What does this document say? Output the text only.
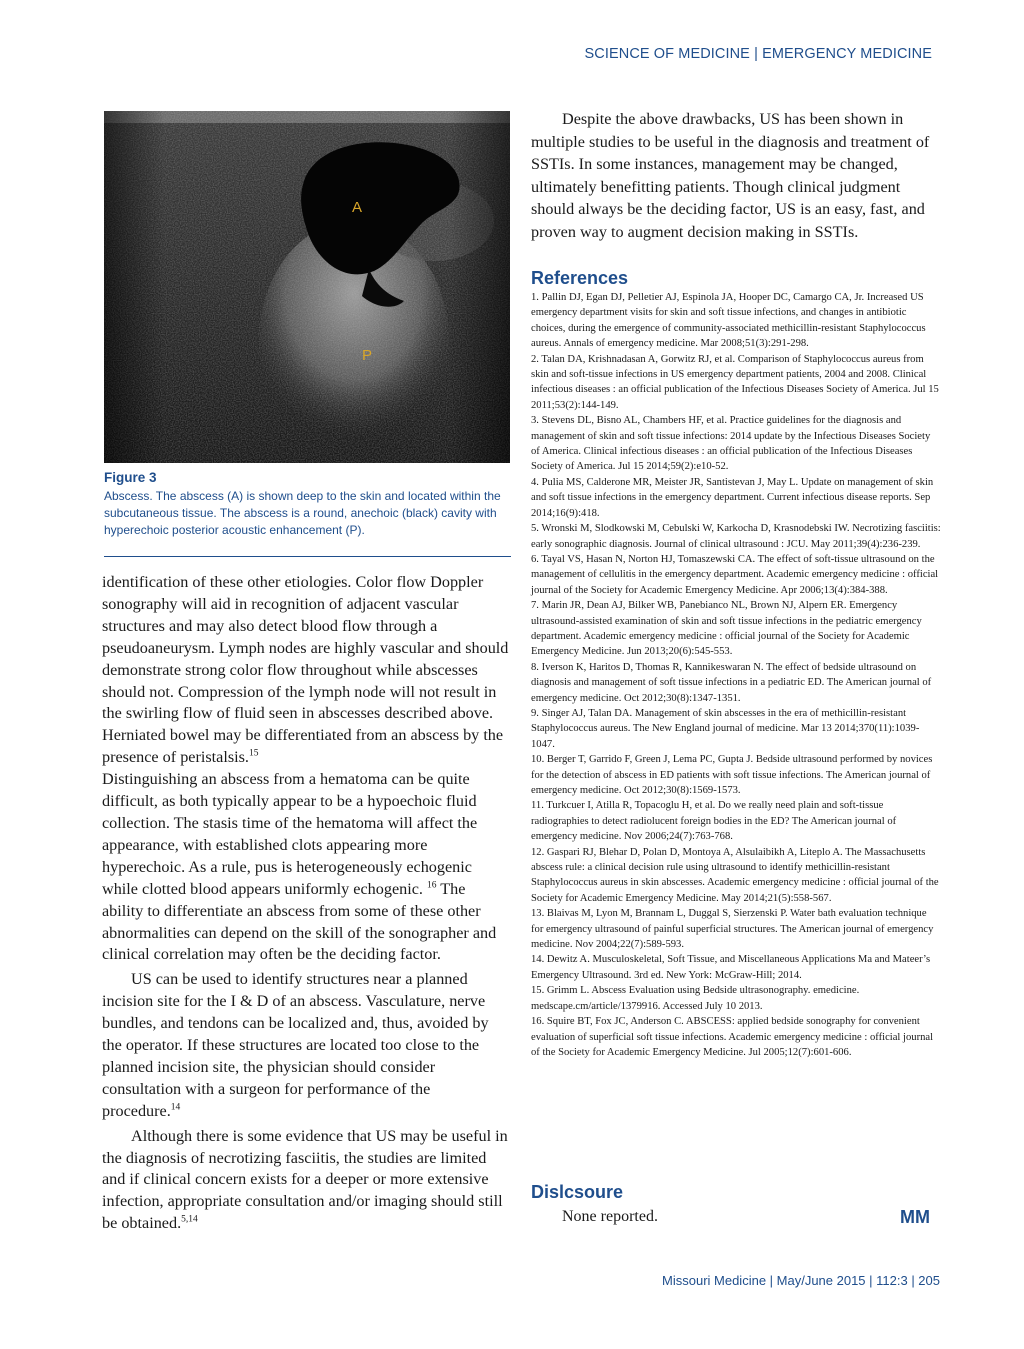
SCIENCE OF MEDICINE | EMERGENCY MEDICINE
A
P
Figure 3
Abscess. The abscess (A) is shown deep to the skin and located within the subcutaneous tissue. The abscess is a round, anechoic (black) cavity with hyperechoic posterior acoustic enhancement (P).

identification of these other etiologies. Color flow Doppler sonography will aid in recognition of adjacent vascular structures and may also detect blood flow through a pseudoaneurysm. Lymph nodes are highly vascular and should demonstrate strong color flow throughout while abscesses should not. Compression of the lymph node will not result in the swirling flow of fluid seen in abscesses described above. Herniated bowel may be differentiated from an abscess by the presence of peristalsis.$^{15}$

Distinguishing an abscess from a hematoma can be quite difficult, as both typically appear to be a hypoechoic fluid collection. The stasis time of the hematoma will affect the appearance, with established clots appearing more hyperechoic. As a rule, pus is heterogeneously echogenic while clotted blood appears uniformly echogenic. $^{16}$ The ability to differentiate an abscess from some of these other abnormalities can depend on the skill of the sonographer and clinical correlation may often be the deciding factor.

US can be used to identify structures near a planned incision site for the I & D of an abscess. Vasculature, nerve bundles, and tendons can be localized and, thus, avoided by the operator. If these structures are located too close to the planned incision site, the physician should consider consultation with a surgeon for performance of the procedure.$^{14}$

Although there is some evidence that US may be useful in the diagnosis of necrotizing fasciitis, the studies are limited and if clinical concern exists for a deeper or more extensive infection, appropriate consultation and/or imaging should still be obtained.$^{5,14}$

Despite the above drawbacks, US has been shown in multiple studies to be useful in the diagnosis and treatment of SSTIs. In some instances, management may be changed, ultimately benefitting patients. Though clinical judgment should always be the deciding factor, US is an easy, fast, and proven way to augment decision making in SSTIs.

References
1. Pallin DJ, Egan DJ, Pelletier AJ, Espinola JA, Hooper DC, Camargo CA, Jr. Increased US emergency department visits for skin and soft tissue infections, and changes in antibiotic choices, during the emergence of community-associated methicillin-resistant Staphylococcus aureus. Annals of emergency medicine. Mar 2008;51(3):291-298.
2. Talan DA, Krishnadasan A, Gorwitz RJ, et al. Comparison of Staphylococcus aureus from skin and soft-tissue infections in US emergency department patients, 2004 and 2008. Clinical infectious diseases : an official publication of the Infectious Diseases Society of America. Jul 15 2011;53(2):144-149.
3. Stevens DL, Bisno AL, Chambers HF, et al. Practice guidelines for the diagnosis and management of skin and soft tissue infections: 2014 update by the Infectious Diseases Society of America. Clinical infectious diseases : an official publication of the Infectious Diseases Society of America. Jul 15 2014;59(2):e10-52.
4. Pulia MS, Calderone MR, Meister JR, Santistevan J, May L. Update on management of skin and soft tissue infections in the emergency department. Current infectious disease reports. Sep 2014;16(9):418.
5. Wronski M, Slodkowski M, Cebulski W, Karkocha D, Krasnodebski IW. Necrotizing fasciitis: early sonographic diagnosis. Journal of clinical ultrasound : JCU. May 2011;39(4):236-239.
6. Tayal VS, Hasan N, Norton HJ, Tomaszewski CA. The effect of soft-tissue ultrasound on the management of cellulitis in the emergency department. Academic emergency medicine : official journal of the Society for Academic Emergency Medicine. Apr 2006;13(4):384-388.
7. Marin JR, Dean AJ, Bilker WB, Panebianco NL, Brown NJ, Alpern ER. Emergency ultrasound-assisted examination of skin and soft tissue infections in the pediatric emergency department. Academic emergency medicine : official journal of the Society for Academic Emergency Medicine. Jun 2013;20(6):545-553.
8. Iverson K, Haritos D, Thomas R, Kannikeswaran N. The effect of bedside ultrasound on diagnosis and management of soft tissue infections in a pediatric ED. The American journal of emergency medicine. Oct 2012;30(8):1347-1351.
9. Singer AJ, Talan DA. Management of skin abscesses in the era of methicillin-resistant Staphylococcus aureus. The New England journal of medicine. Mar 13 2014;370(11):1039-1047.
10. Berger T, Garrido F, Green J, Lema PC, Gupta J. Bedside ultrasound performed by novices for the detection of abscess in ED patients with soft tissue infections. The American journal of emergency medicine. Oct 2012;30(8):1569-1573.
11. Turkcuer I, Atilla R, Topacoglu H, et al. Do we really need plain and soft-tissue radiographies to detect radiolucent foreign bodies in the ED? The American journal of emergency medicine. Nov 2006;24(7):763-768.
12. Gaspari RJ, Blehar D, Polan D, Montoya A, Alsulaibikh A, Liteplo A. The Massachusetts abscess rule: a clinical decision rule using ultrasound to identify methicillin-resistant Staphylococcus aureus in skin abscesses. Academic emergency medicine : official journal of the Society for Academic Emergency Medicine. May 2014;21(5):558-567.
13. Blaivas M, Lyon M, Brannam L, Duggal S, Sierzenski P. Water bath evaluation technique for emergency ultrasound of painful superficial structures. The American journal of emergency medicine. Nov 2004;22(7):589-593.
14. Dewitz A. Musculoskeletal, Soft Tissue, and Miscellaneous Applications Ma and Mateer’s Emergency Ultrasound. 3rd ed. New York: McGraw-Hill; 2014.
15. Grimm L. Abscess Evaluation using Bedside ultrasonography. emedicine. medscape.cm/article/1379916. Accessed July 10 2013.
16. Squire BT, Fox JC, Anderson C. ABSCESS: applied bedside sonography for convenient evaluation of superficial soft tissue infections. Academic emergency medicine : official journal of the Society for Academic Emergency Medicine. Jul 2005;12(7):601-606.
Dislcsoure
None reported.	MM
Missouri Medicine | May/June 2015 | 112:3 | 205
